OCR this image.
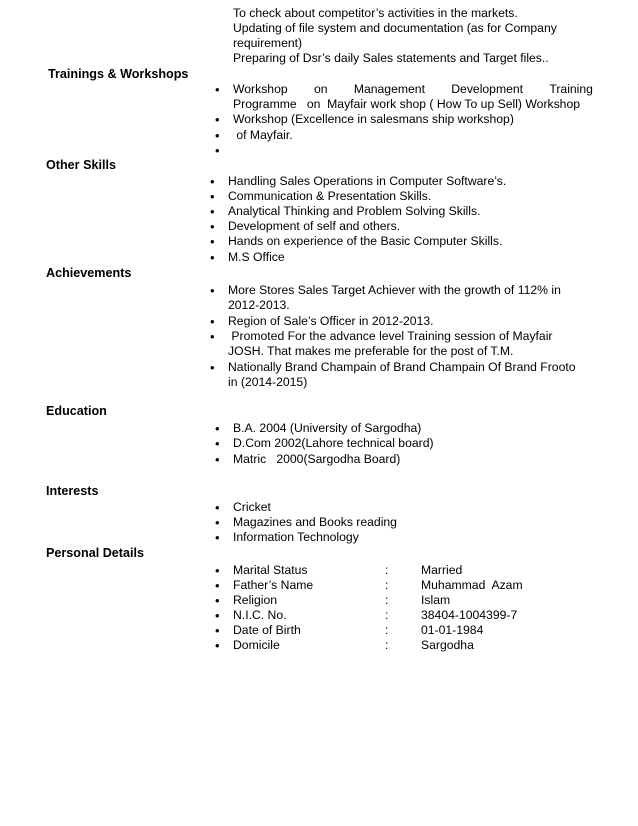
To check about competitor’s activities in the markets.
Updating of file system and documentation (as for Company
requirement)
Preparing of Dsr’s daily Sales statements and Target files..
Trainings & Workshops
• Workshop on Management Development Training
Programme   on  Mayfair work shop ( How To up Sell) Workshop
• Workshop (Excellence in salesmans ship workshop)
• of Mayfair.
•
Other Skills
• Handling Sales Operations in Computer Software’s.
• Communication & Presentation Skills.
• Analytical Thinking and Problem Solving Skills.
• Development of self and others.
• Hands on experience of the Basic Computer Skills.
• M.S Office
Achievements
• More Stores Sales Target Achiever with the growth of 112% in
2012-2013.
• Region of Sale’s Officer in 2012-2013.
• Promoted For the advance level Training session of Mayfair
JOSH. That makes me preferable for the post of T.M.
• Nationally Brand Champain of Brand Champain Of Brand Frooto
in (2014-2015)
Education
• B.A. 2004 (University of Sargodha)
• D.Com 2002(Lahore technical board)
• Matric   2000(Sargodha Board)
Interests
• Cricket
• Magazines and Books reading
• Information Technology
Personal Details
• Marital Status	:	Married
• Father’s Name	:	Muhammad  Azam
• Religion	:	Islam
• N.I.C. No.	:	38404-1004399-7
• Date of Birth	:	01-01-1984
• Domicile	:	Sargodha
